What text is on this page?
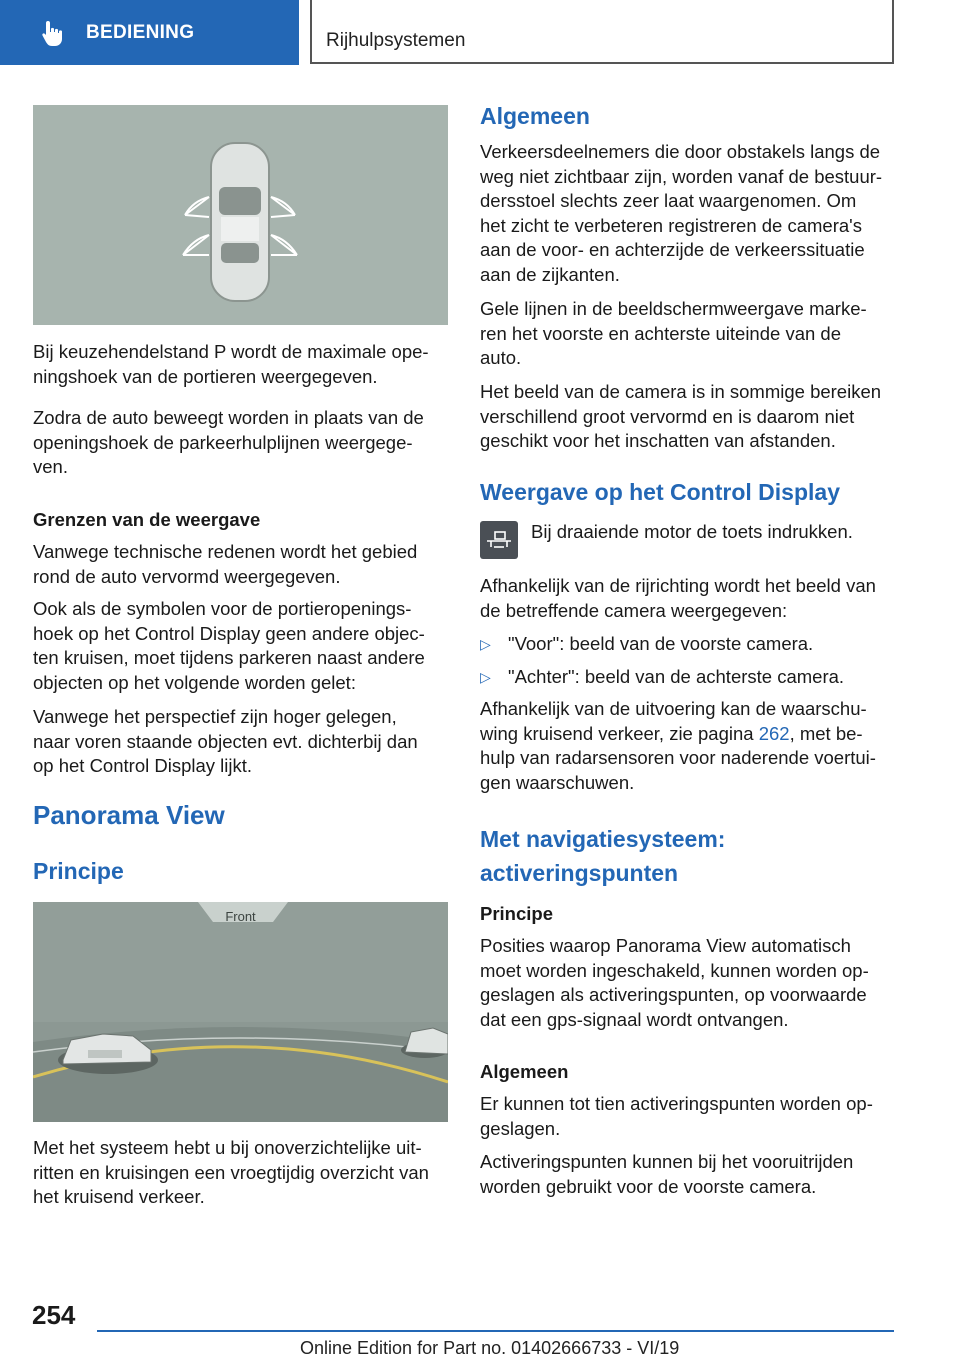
BEDIENING	Rijhulpsystemen

Bij keuzehendelstand P wordt de maximale ope-
ningshoek van de portieren weergegeven.

Zodra de auto beweegt worden in plaats van de
openingshoek de parkeerhulplijnen weergege-
ven.

Grenzen van de weergave

Vanwege technische redenen wordt het gebied
rond de auto vervormd weergegeven.

Ook als de symbolen voor de portieropenings-
hoek op het Control Display geen andere objec-
ten kruisen, moet tijdens parkeren naast andere
objecten op het volgende worden gelet:

Vanwege het perspectief zijn hoger gelegen,
naar voren staande objecten evt. dichterbij dan
op het Control Display lijkt.

Panorama View
Principe
Front

Met het systeem hebt u bij onoverzichtelijke uit-
ritten en kruisingen een vroegtijdig overzicht van
het kruisend verkeer.

Algemeen

Verkeersdeelnemers die door obstakels langs de
weg niet zichtbaar zijn, worden vanaf de bestuur-
dersstoel slechts zeer laat waargenomen. Om
het zicht te verbeteren registreren de camera's
aan de voor- en achterzijde de verkeerssituatie
aan de zijkanten.

Gele lijnen in de beeldschermweergave marke-
ren het voorste en achterste uiteinde van de
auto.

Het beeld van de camera is in sommige bereiken
verschillend groot vervormd en is daarom niet
geschikt voor het inschatten van afstanden.

Weergave op het Control Display

Bij draaiende motor de toets indrukken.

Afhankelijk van de rijrichting wordt het beeld van
de betreffende camera weergegeven:

▷ "Voor": beeld van de voorste camera.
▷ "Achter": beeld van de achterste camera.

Afhankelijk van de uitvoering kan de waarschu-
wing kruisend verkeer, zie pagina 262, met be-
hulp van radarsensoren voor naderende voertui-
gen waarschuwen.

Met navigatiesysteem:
activeringspunten
Principe

Posities waarop Panorama View automatisch
moet worden ingeschakeld, kunnen worden op-
geslagen als activeringspunten, op voorwaarde
dat een gps-signaal wordt ontvangen.

Algemeen

Er kunnen tot tien activeringspunten worden op-
geslagen.

Activeringspunten kunnen bij het vooruitrijden
worden gebruikt voor de voorste camera.

254
Online Edition for Part no. 01402666733 - VI/19
